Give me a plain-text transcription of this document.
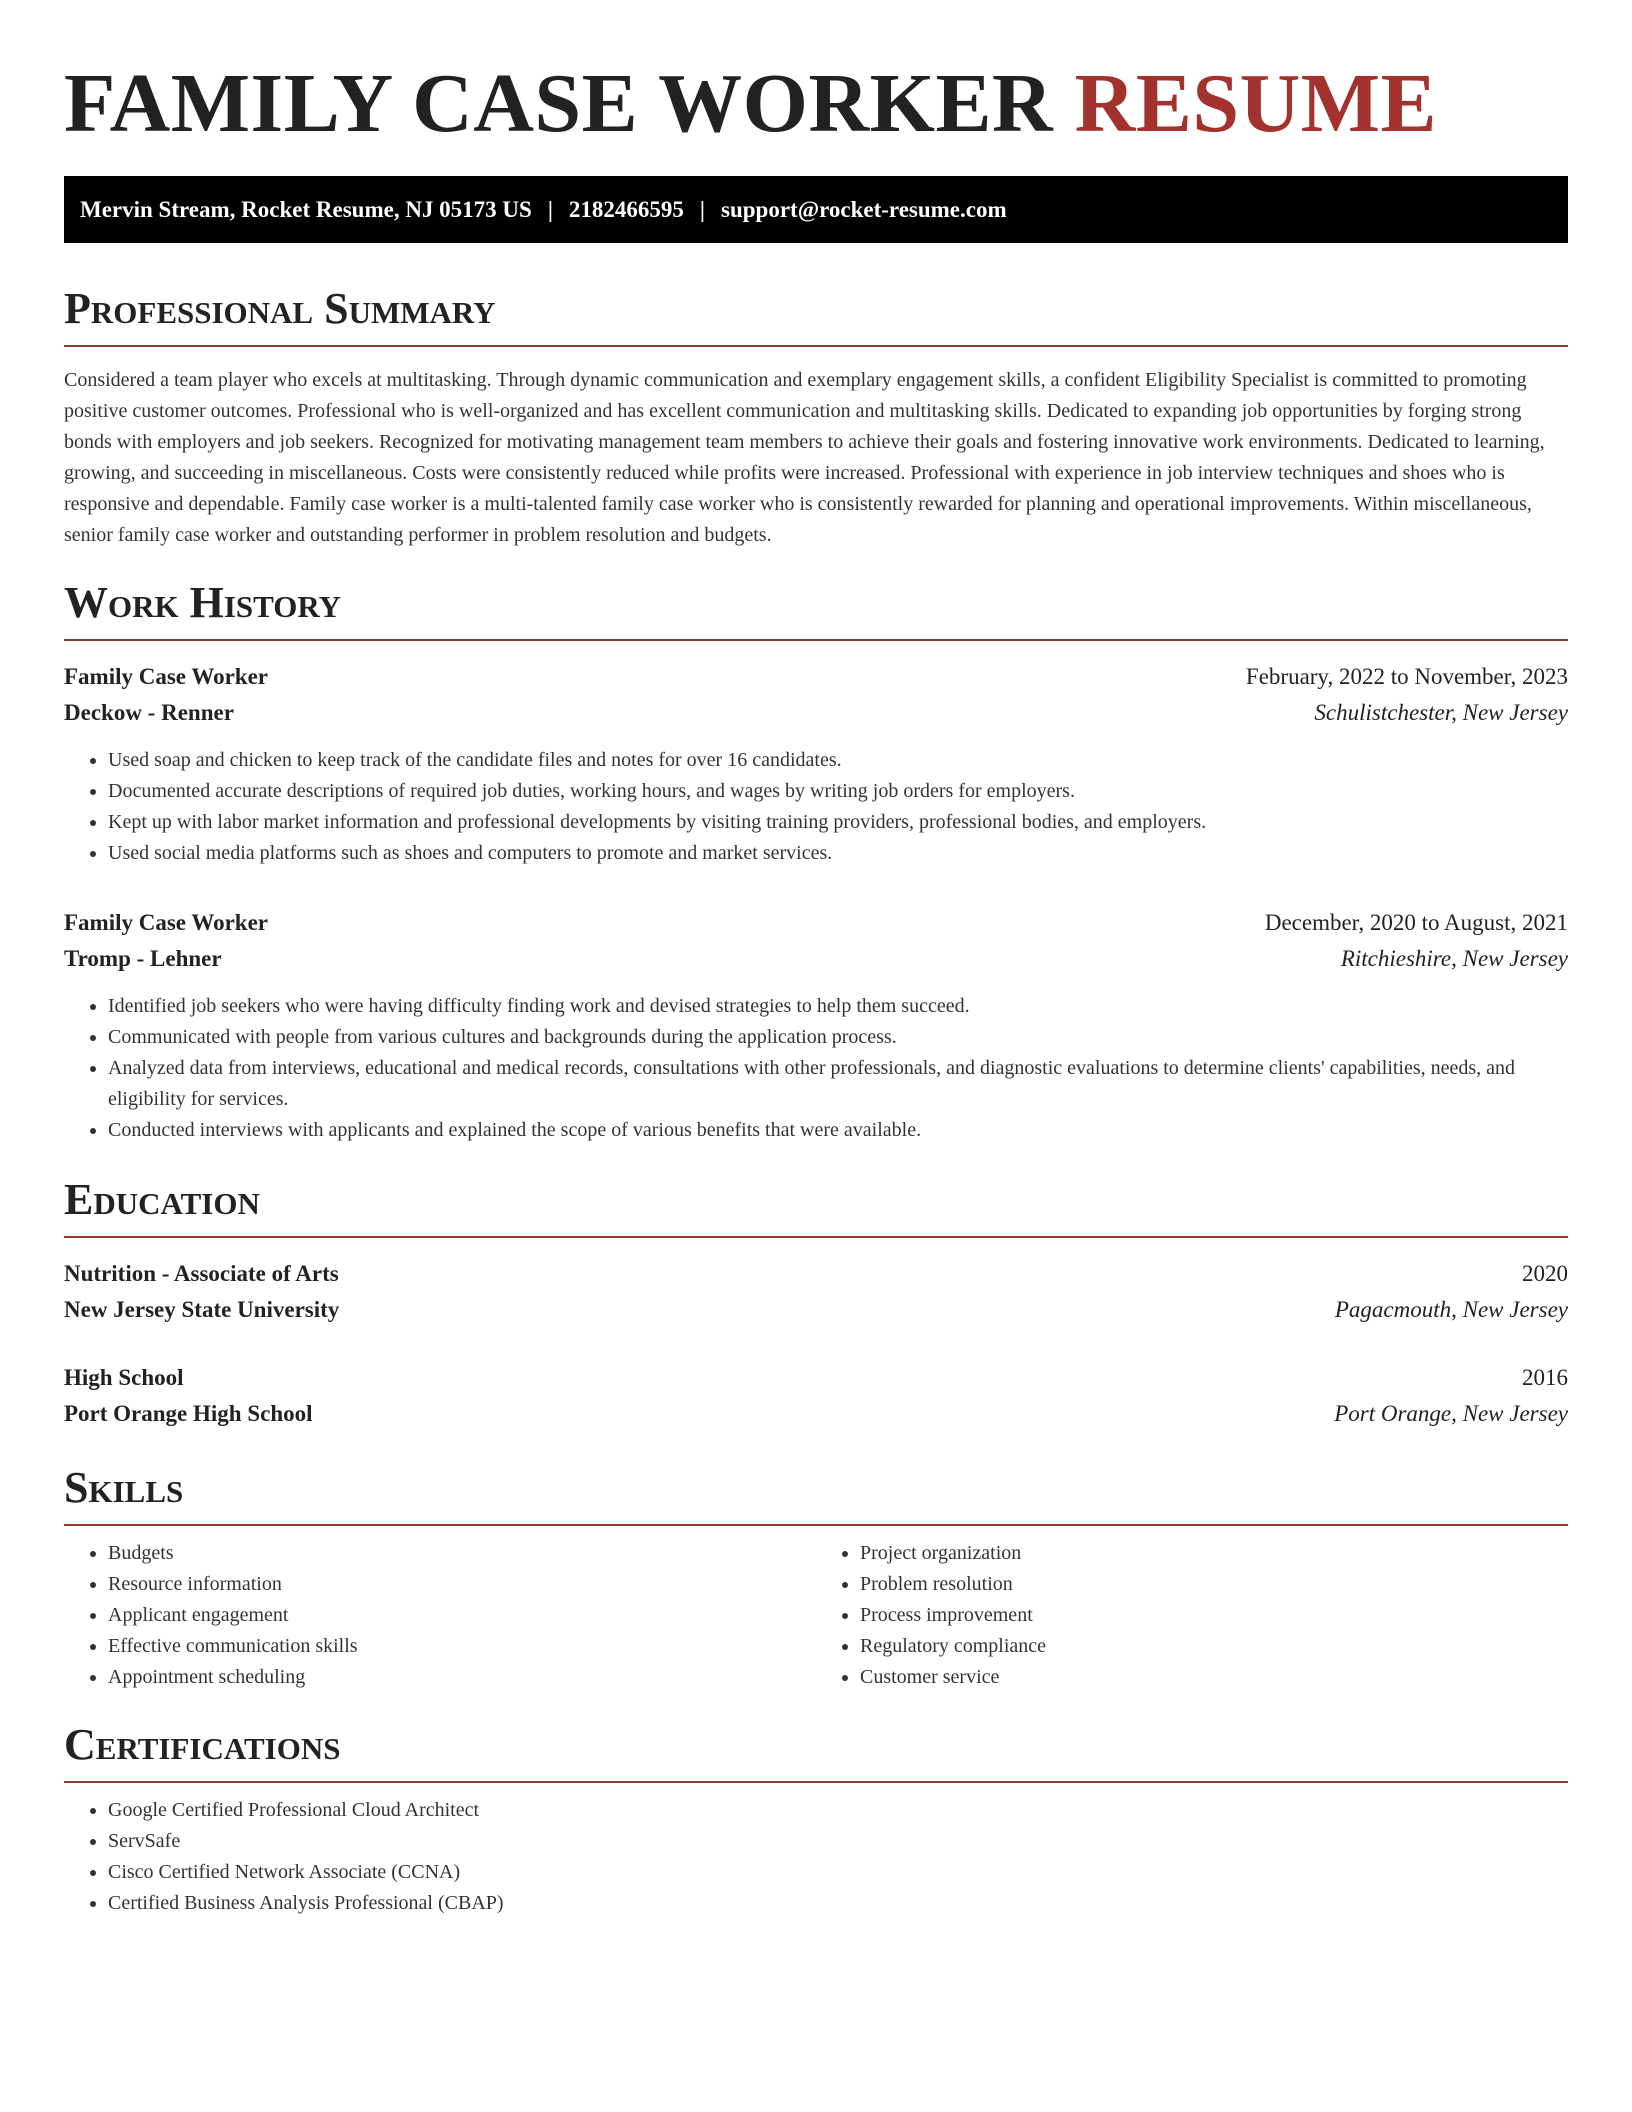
FAMILY CASE WORKER RESUME
Mervin Stream, Rocket Resume, NJ 05173 US | 2182466595 | support@rocket-resume.com
Professional Summary

Considered a team player who excels at multitasking. Through dynamic communication and exemplary engagement skills, a confident Eligibility Specialist is committed to promoting positive customer outcomes. Professional who is well-organized and has excellent communication and multitasking skills. Dedicated to expanding job opportunities by forging strong bonds with employers and job seekers. Recognized for motivating management team members to achieve their goals and fostering innovative work environments. Dedicated to learning, growing, and succeeding in miscellaneous. Costs were consistently reduced while profits were increased. Professional with experience in job interview techniques and shoes who is responsive and dependable. Family case worker is a multi-talented family case worker who is consistently rewarded for planning and operational improvements. Within miscellaneous, senior family case worker and outstanding performer in problem resolution and budgets.

Work History
Family Case Worker	February, 2022 to November, 2023
Deckow - Renner	Schulistchester, New Jersey
• Used soap and chicken to keep track of the candidate files and notes for over 16 candidates.
• Documented accurate descriptions of required job duties, working hours, and wages by writing job orders for employers.
• Kept up with labor market information and professional developments by visiting training providers, professional bodies, and employers.
• Used social media platforms such as shoes and computers to promote and market services.
Family Case Worker	December, 2020 to August, 2021
Tromp - Lehner	Ritchieshire, New Jersey
• Identified job seekers who were having difficulty finding work and devised strategies to help them succeed.
• Communicated with people from various cultures and backgrounds during the application process.
• Analyzed data from interviews, educational and medical records, consultations with other professionals, and diagnostic evaluations to determine clients' capabilities, needs, and eligibility for services.
• Conducted interviews with applicants and explained the scope of various benefits that were available.
Education
Nutrition - Associate of Arts	2020
New Jersey State University	Pagacmouth, New Jersey
High School	2016
Port Orange High School	Port Orange, New Jersey
Skills
• Budgets
• Resource information
• Applicant engagement
• Effective communication skills
• Appointment scheduling
• Project organization
• Problem resolution
• Process improvement
• Regulatory compliance
• Customer service
Certifications
• Google Certified Professional Cloud Architect
• ServSafe
• Cisco Certified Network Associate (CCNA)
• Certified Business Analysis Professional (CBAP)
